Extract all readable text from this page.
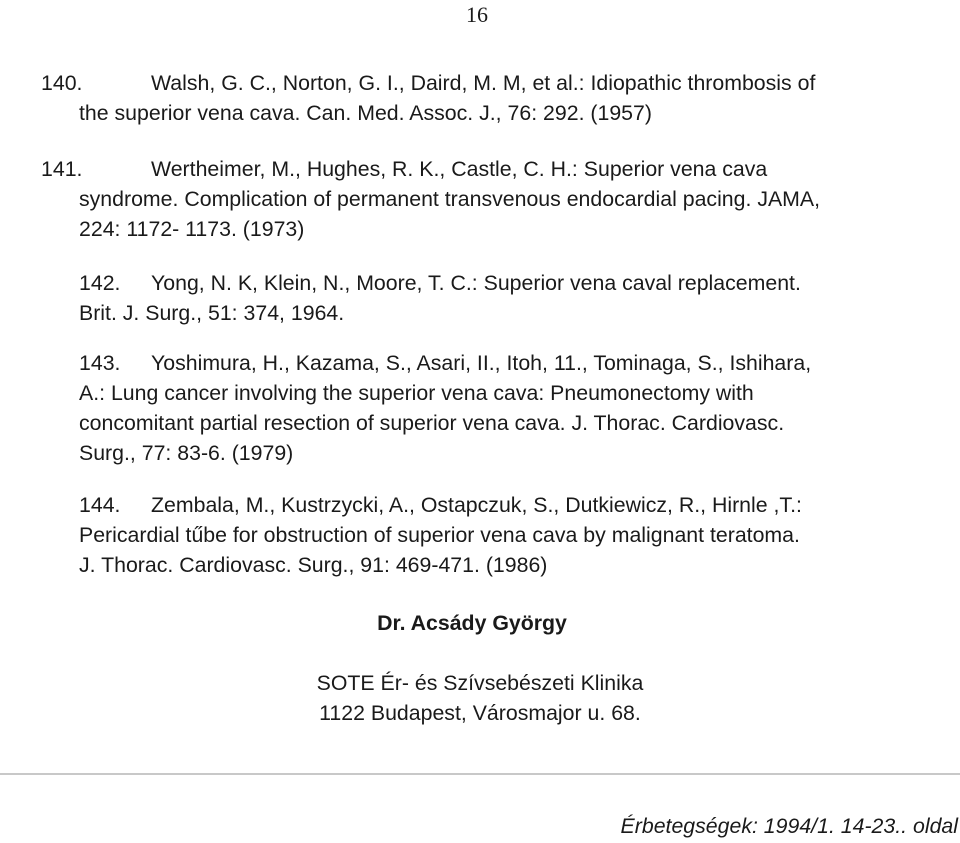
16
140.	Walsh, G. C., Norton, G. I., Daird, M. M, et al.: Idiopathic thrombosis of
the superior vena cava. Can. Med. Assoc. J., 76: 292. (1957)
141.	Wertheimer, M., Hughes, R. K., Castle, C. H.: Superior vena cava
syndrome. Complication of permanent transvenous endocardial pacing. JAMA,
224: 1172- 1173. (1973)
142. Yong, N. K, Klein, N., Moore, T. C.: Superior vena caval replacement.
Brit. J. Surg., 51: 374, 1964.
143. Yoshimura, H., Kazama, S., Asari, II., Itoh, 11., Tominaga, S., Ishihara,
A.: Lung cancer involving the superior vena cava: Pneumonectomy with
concomitant partial resection of superior vena cava. J. Thorac. Cardiovasc.
Surg., 77: 83-6. (1979)
144. Zembala, M., Kustrzycki, A., Ostapczuk, S., Dutkiewicz, R., Hirnle ,T.:
Pericardial tűbe for obstruction of superior vena cava by malignant teratoma.
J. Thorac. Cardiovasc. Surg., 91: 469-471. (1986)
Dr. Acsády György
SOTE Ér- és Szívsebészeti Klinika
1122 Budapest, Városmajor u. 68.
Érbetegségek: 1994/1. 14-23.. oldal
